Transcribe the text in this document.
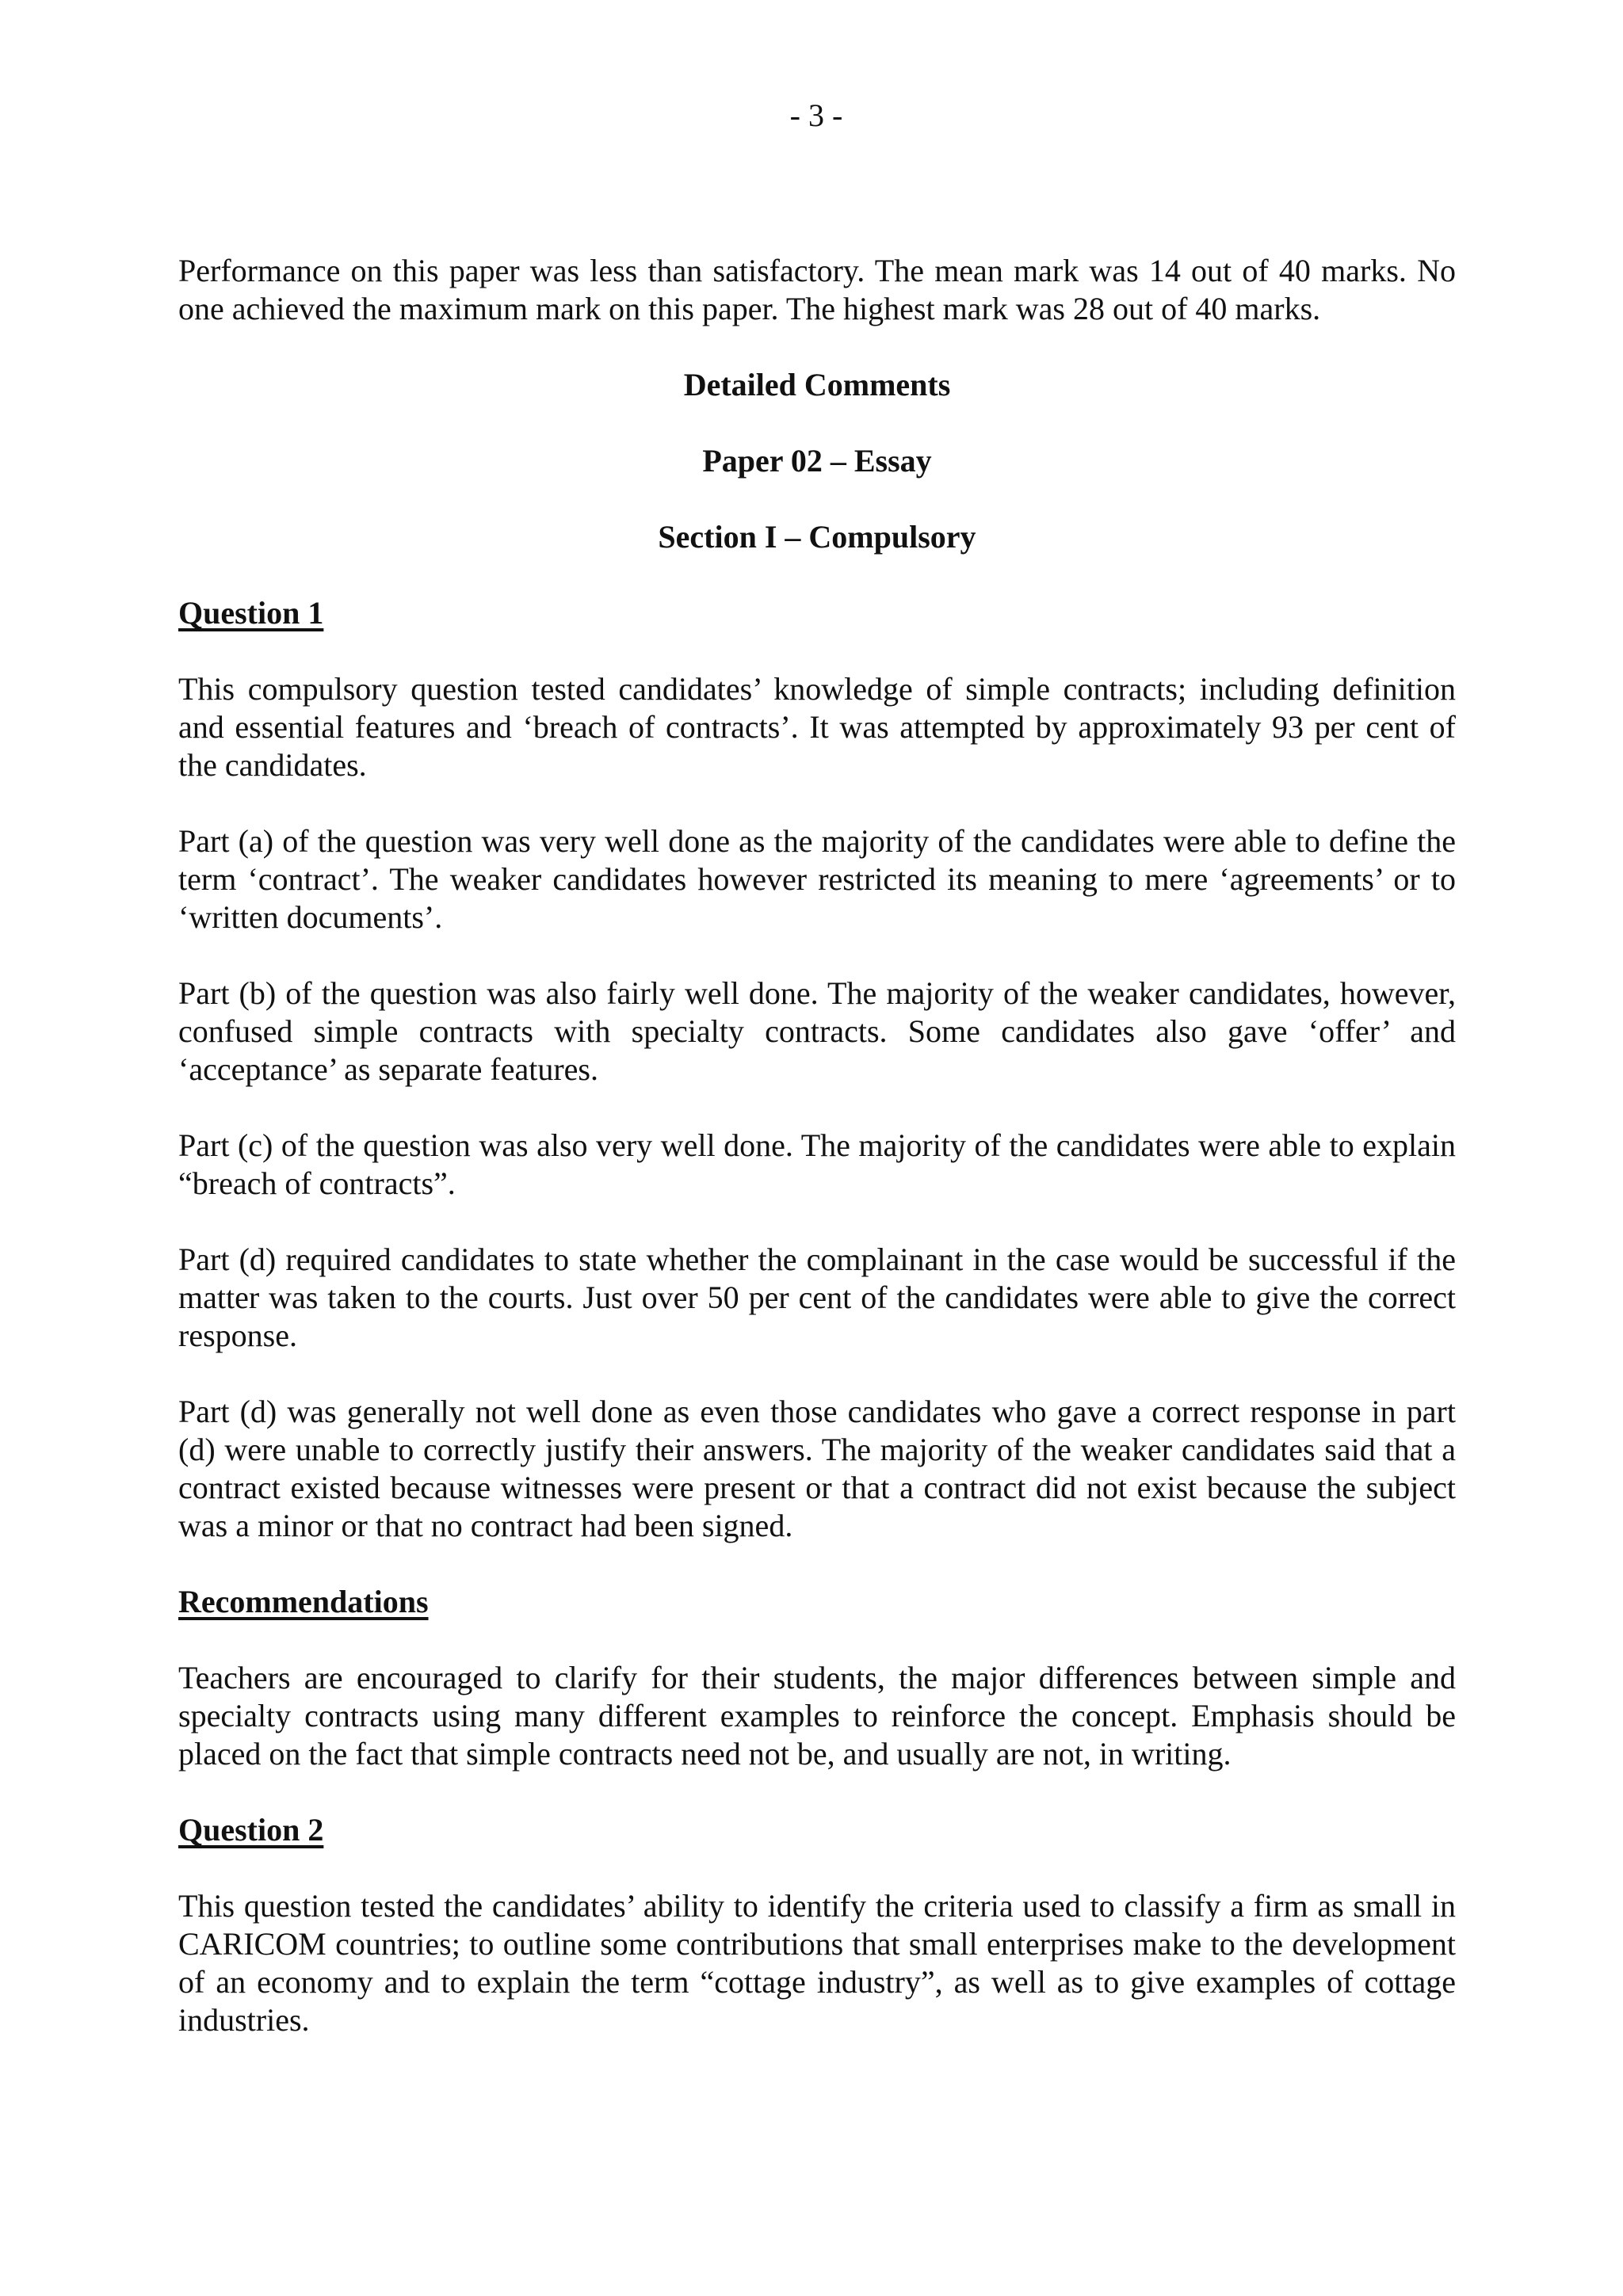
- 3 -

Performance on this paper was less than satisfactory. The mean mark was 14 out of 40 marks. No one achieved the maximum mark on this paper. The highest mark was 28 out of 40 marks.

Detailed Comments
Paper 02 – Essay
Section I – Compulsory
Question 1

This compulsory question tested candidates’ knowledge of simple contracts; including definition and essential features and ‘breach of contracts’. It was attempted by approximately 93 per cent of the candidates.

Part (a) of the question was very well done as the majority of the candidates were able to define the term ‘contract’. The weaker candidates however restricted its meaning to mere ‘agreements’ or to ‘written documents’.

Part (b) of the question was also fairly well done. The majority of the weaker candidates, however, confused simple contracts with specialty contracts. Some candidates also gave ‘offer’ and ‘acceptance’ as separate features.

Part (c) of the question was also very well done. The majority of the candidates were able to explain “breach of contracts”.

Part (d) required candidates to state whether the complainant in the case would be successful if the matter was taken to the courts. Just over 50 per cent of the candidates were able to give the correct response.

Part (d) was generally not well done as even those candidates who gave a correct response in part (d) were unable to correctly justify their answers. The majority of the weaker candidates said that a contract existed because witnesses were present or that a contract did not exist because the subject was a minor or that no contract had been signed.

Recommendations

Teachers are encouraged to clarify for their students, the major differences between simple and specialty contracts using many different examples to reinforce the concept. Emphasis should be placed on the fact that simple contracts need not be, and usually are not, in writing.

Question 2

This question tested the candidates’ ability to identify the criteria used to classify a firm as small in CARICOM countries; to outline some contributions that small enterprises make to the development of an economy and to explain the term “cottage industry”, as well as to give examples of cottage industries.
